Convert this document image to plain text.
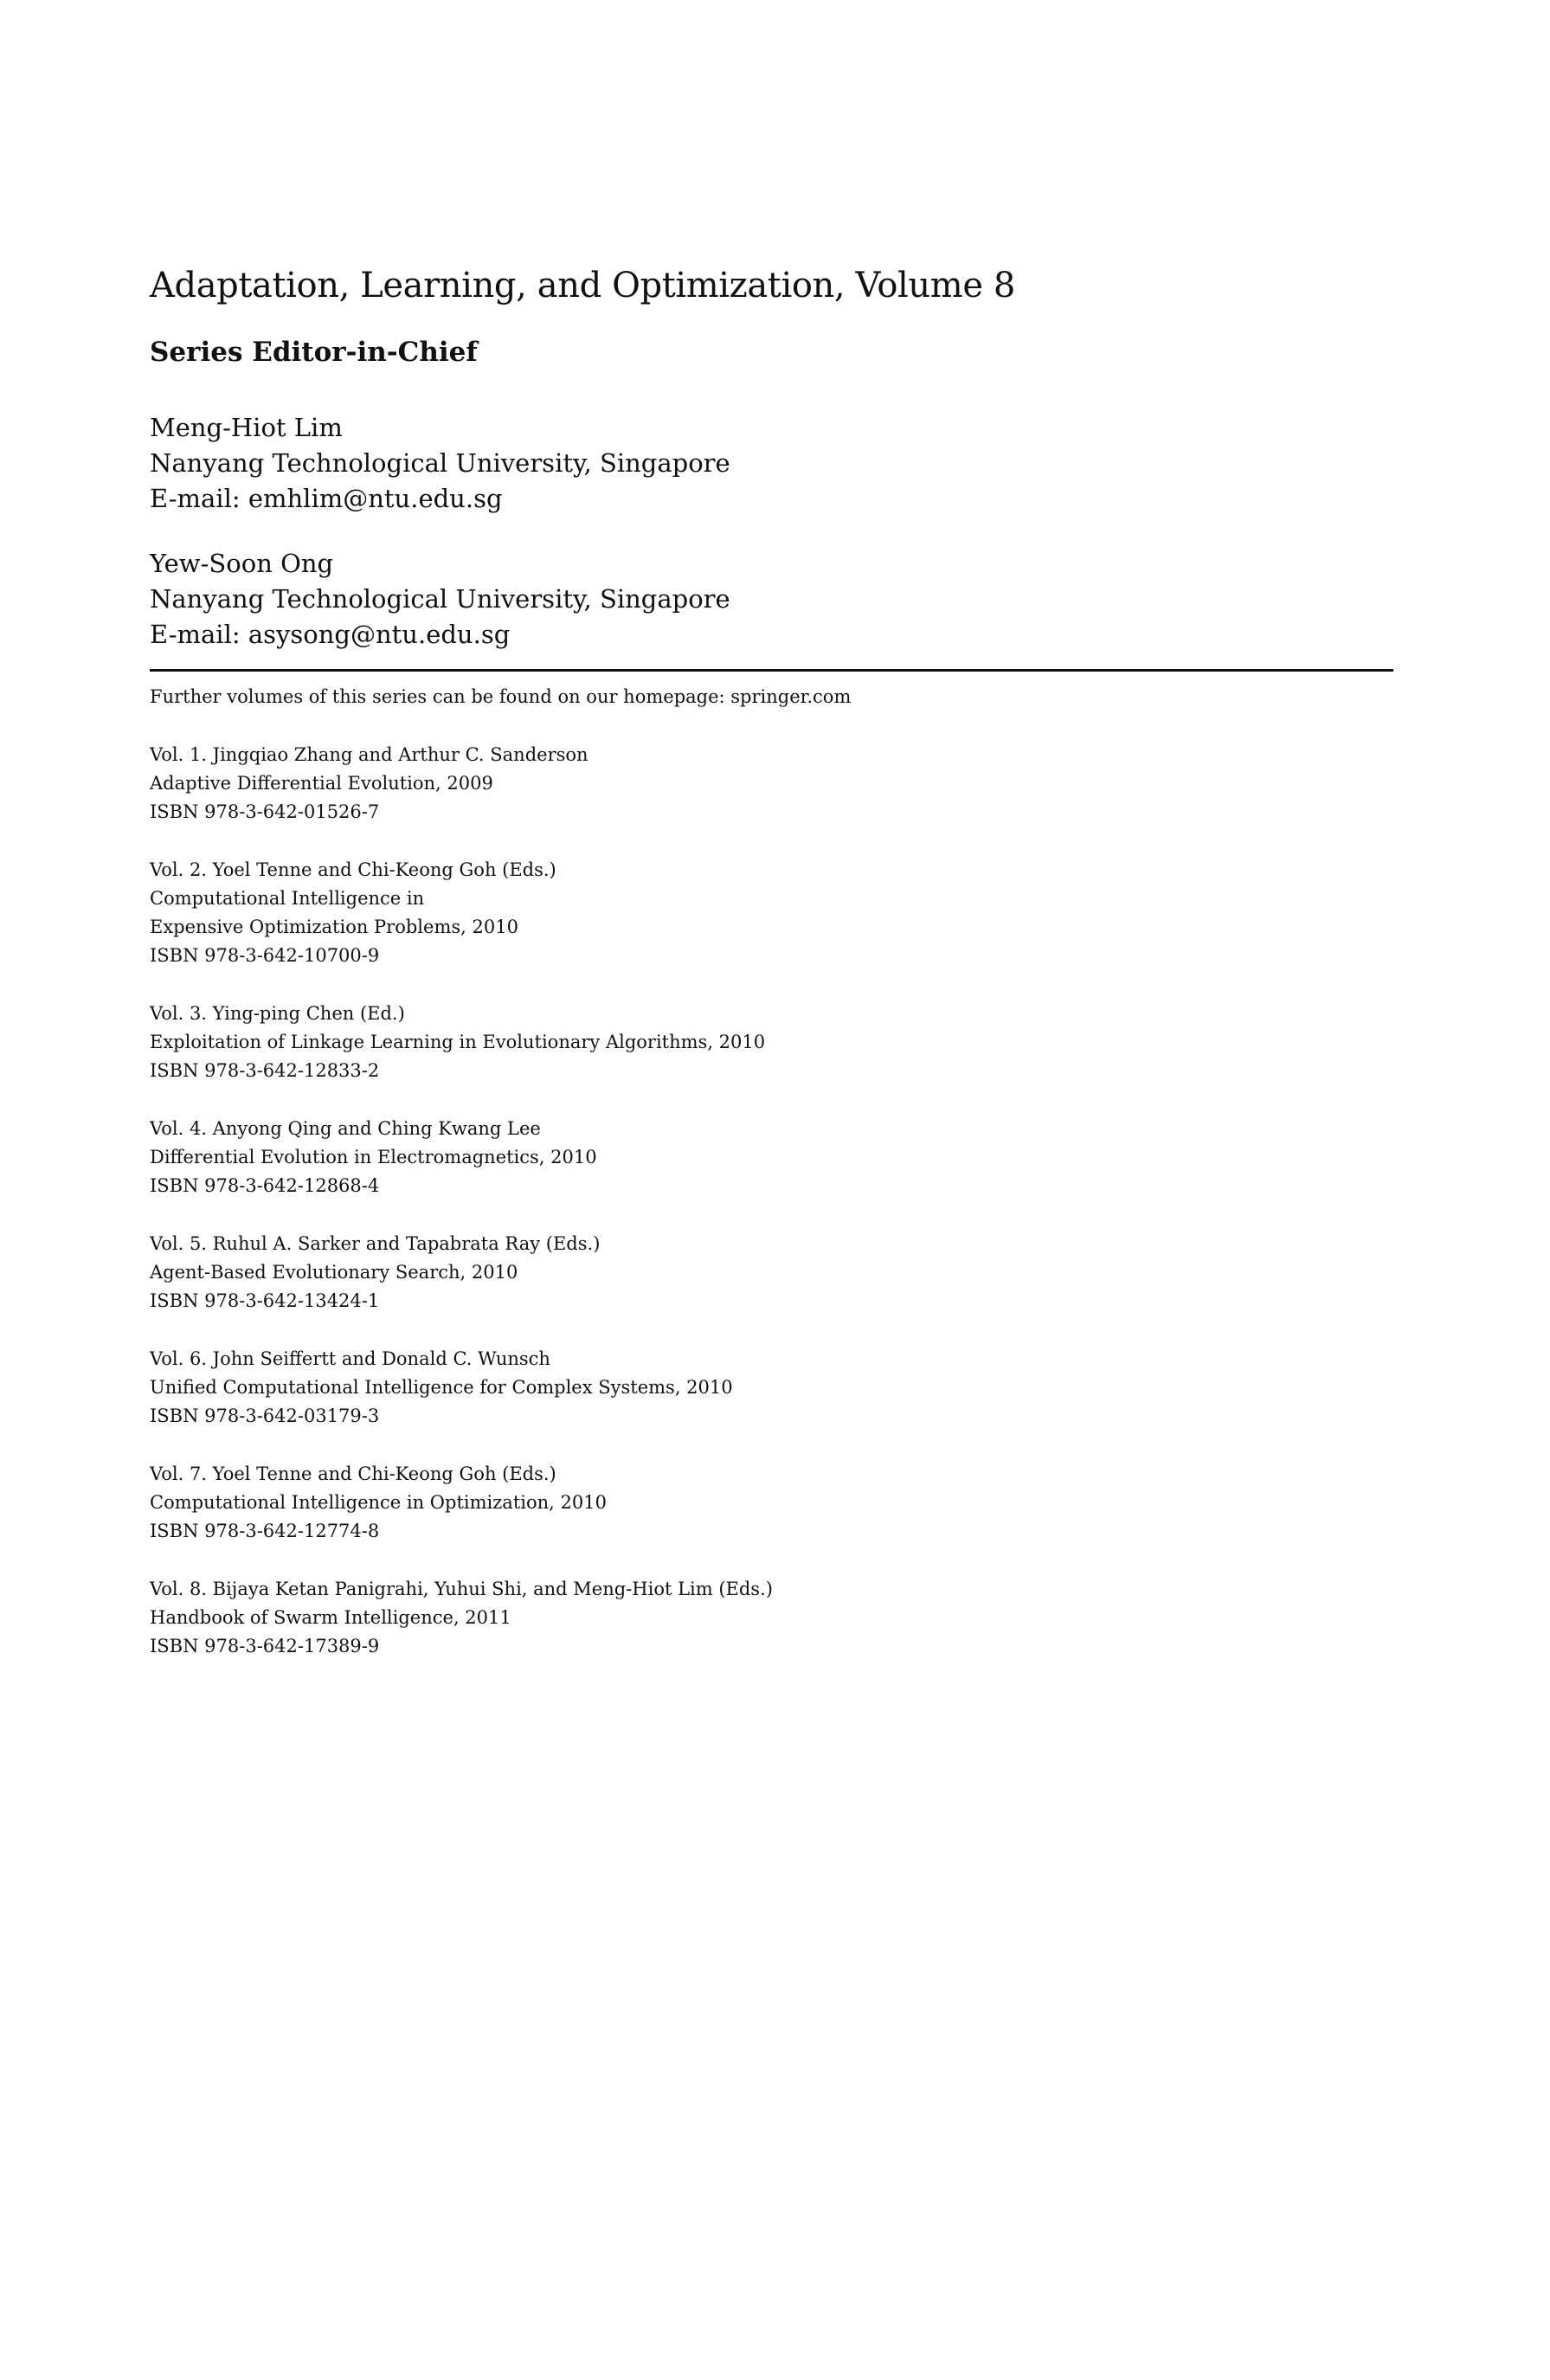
Adaptation, Learning, and Optimization, Volume 8
Series Editor-in-Chief
Meng-Hiot Lim
Nanyang Technological University, Singapore
E-mail: emhlim@ntu.edu.sg
Yew-Soon Ong
Nanyang Technological University, Singapore
E-mail: asysong@ntu.edu.sg
Further volumes of this series can be found on our homepage: springer.com
Vol. 1. Jingqiao Zhang and Arthur C. Sanderson
Adaptive Differential Evolution, 2009
ISBN 978-3-642-01526-7
Vol. 2. Yoel Tenne and Chi-Keong Goh (Eds.)
Computational Intelligence in
Expensive Optimization Problems, 2010
ISBN 978-3-642-10700-9
Vol. 3. Ying-ping Chen (Ed.)
Exploitation of Linkage Learning in Evolutionary Algorithms, 2010
ISBN 978-3-642-12833-2
Vol. 4. Anyong Qing and Ching Kwang Lee
Differential Evolution in Electromagnetics, 2010
ISBN 978-3-642-12868-4
Vol. 5. Ruhul A. Sarker and Tapabrata Ray (Eds.)
Agent-Based Evolutionary Search, 2010
ISBN 978-3-642-13424-1
Vol. 6. John Seiffertt and Donald C. Wunsch
Unified Computational Intelligence for Complex Systems, 2010
ISBN 978-3-642-03179-3
Vol. 7. Yoel Tenne and Chi-Keong Goh (Eds.)
Computational Intelligence in Optimization, 2010
ISBN 978-3-642-12774-8
Vol. 8. Bijaya Ketan Panigrahi, Yuhui Shi, and Meng-Hiot Lim (Eds.)
Handbook of Swarm Intelligence, 2011
ISBN 978-3-642-17389-9
